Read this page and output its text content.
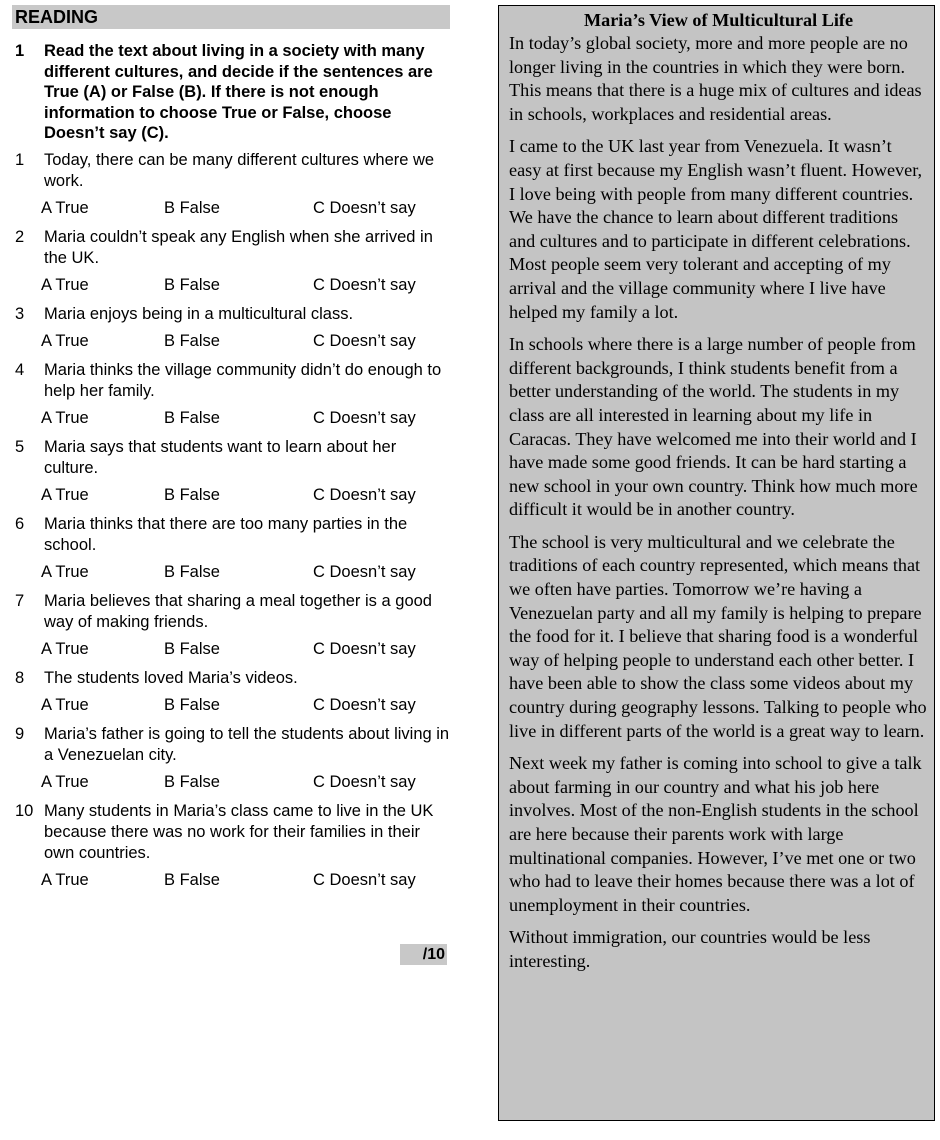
READING
1	Read the text about living in a society with many different cultures, and decide if the sentences are True (A) or False (B). If there is not enough information to choose True or False, choose Doesn’t say (C).
1	Today, there can be many different cultures where we work.
A True	B False	C Doesn’t say
2	Maria couldn’t speak any English when she arrived in the UK.
A True	B False	C Doesn’t say
3	Maria enjoys being in a multicultural class.
A True	B False	C Doesn’t say
4	Maria thinks the village community didn’t do enough to help her family.
A True	B False	C Doesn’t say
5	Maria says that students want to learn about her culture.
A True	B False	C Doesn’t say
6	Maria thinks that there are too many parties in the school.
A True	B False	C Doesn’t say
7	Maria believes that sharing a meal together is a good way of making friends.
A True	B False	C Doesn’t say
8	The students loved Maria’s videos.
A True	B False	C Doesn’t say
9	Maria’s father is going to tell the students about living in a Venezuelan city.
A True	B False	C Doesn’t say
10 Many students in Maria’s class came to live in the UK because there was no work for their families in their own countries.
A True	B False	C Doesn’t say
/10
Maria’s View of Multicultural Life

In today’s global society, more and more people are no longer living in the countries in which they were born. This means that there is a huge mix of cultures and ideas in schools, workplaces and residential areas.

I came to the UK last year from Venezuela. It wasn’t easy at first because my English wasn’t fluent. However, I love being with people from many different countries. We have the chance to learn about different traditions and cultures and to participate in different celebrations. Most people seem very tolerant and accepting of my arrival and the village community where I live have helped my family a lot.

In schools where there is a large number of people from different backgrounds, I think students benefit from a better understanding of the world. The students in my class are all interested in learning about my life in Caracas. They have welcomed me into their world and I have made some good friends. It can be hard starting a new school in your own country. Think how much more difficult it would be in another country.

The school is very multicultural and we celebrate the traditions of each country represented, which means that we often have parties. Tomorrow we’re having a Venezuelan party and all my family is helping to prepare the food for it. I believe that sharing food is a wonderful way of helping people to understand each other better. I have been able to show the class some videos about my country during geography lessons. Talking to people who live in different parts of the world is a great way to learn.

Next week my father is coming into school to give a talk about farming in our country and what his job here involves. Most of the non-English students in the school are here because their parents work with large multinational companies. However, I’ve met one or two who had to leave their homes because there was a lot of unemployment in their countries.

Without immigration, our countries would be less interesting.
